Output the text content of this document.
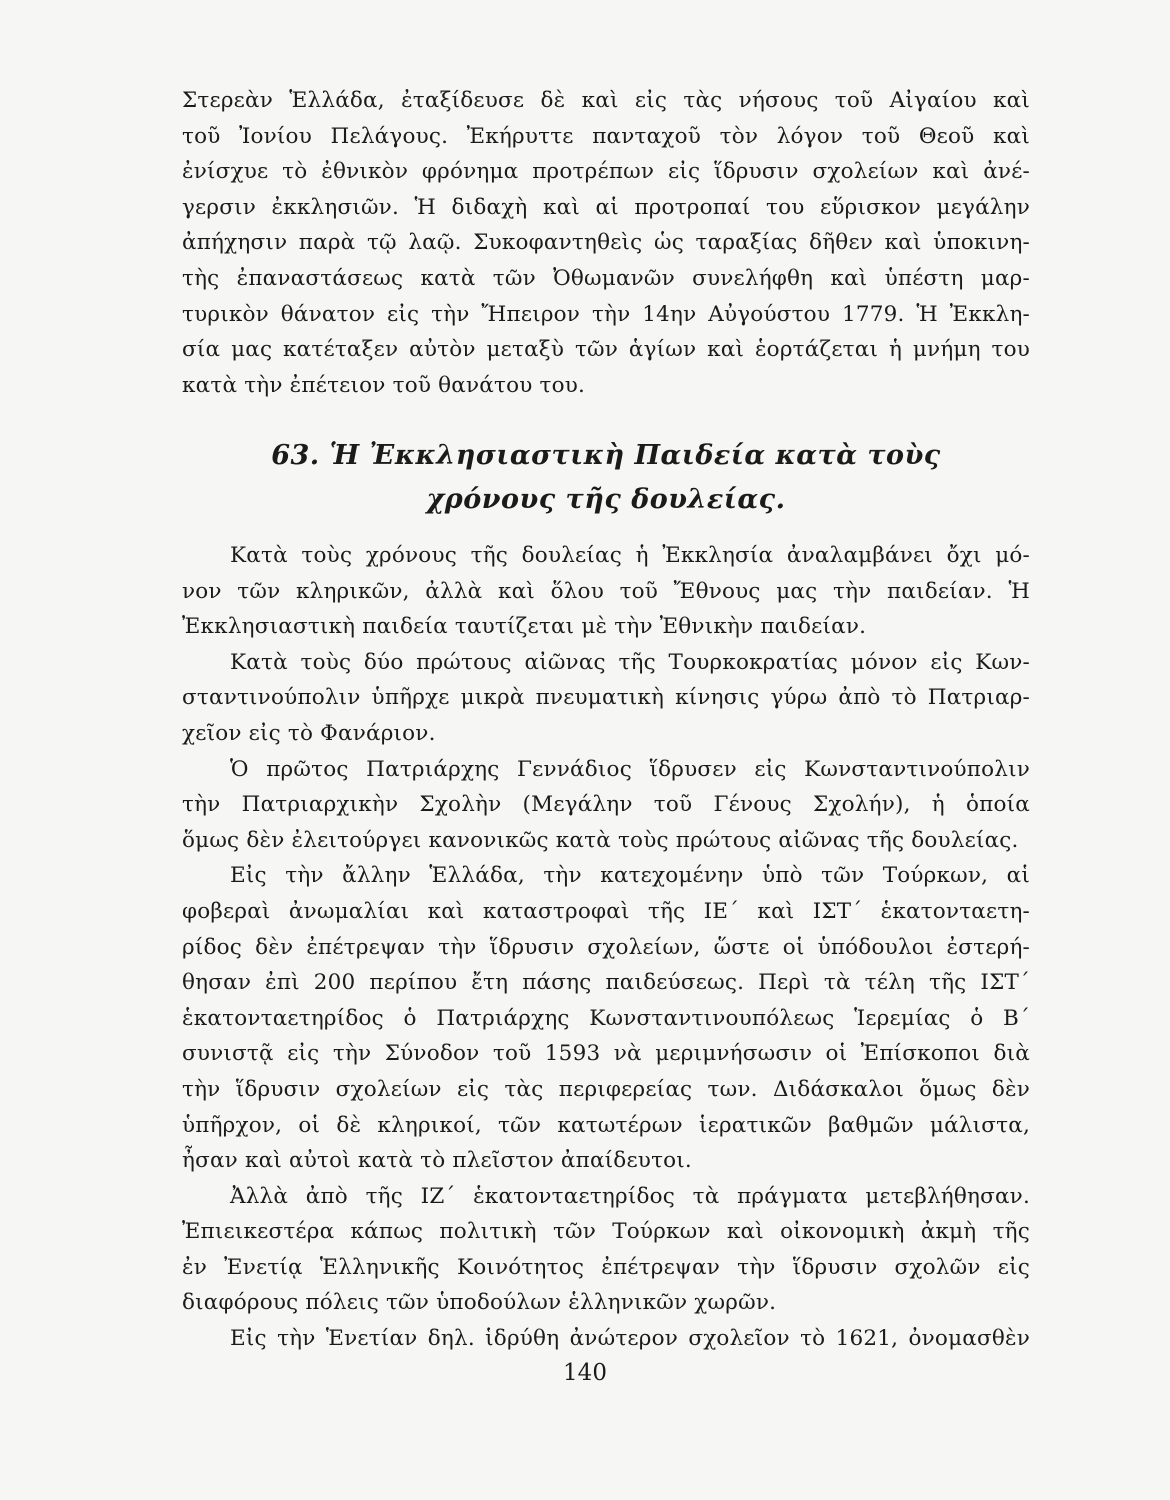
Στερεὰν Ἑλλάδα, ἐταξίδευσε δὲ καὶ εἰς τὰς νήσους τοῦ Αἰγαίου καὶ
τοῦ Ἰονίου Πελάγους. Ἐκήρυττε πανταχοῦ τὸν λόγον τοῦ Θεοῦ καὶ
ἐνίσχυε τὸ ἐθνικὸν φρόνημα προτρέπων εἰς ἵδρυσιν σχολείων καὶ ἀνέ-
γερσιν ἐκκλησιῶν. Ἡ διδαχὴ καὶ αἱ προτροπαί του εὕρισκον μεγάλην
ἀπήχησιν παρὰ τῷ λαῷ. Συκοφαντηθεὶς ὡς ταραξίας δῆθεν καὶ ὑποκινη-
τὴς ἐπαναστάσεως κατὰ τῶν Ὀθωμανῶν συνελήφθη καὶ ὑπέστη μαρ-
τυρικὸν θάνατον εἰς τὴν Ἤπειρον τὴν 14ην Αὐγούστου 1779. Ἡ Ἐκκλη-
σία μας κατέταξεν αὐτὸν μεταξὺ τῶν ἁγίων καὶ ἑορτάζεται ἡ μνήμη του
κατὰ τὴν ἐπέτειον τοῦ θανάτου του.
63. Ἡ Ἐκκλησιαστικὴ Παιδεία κατὰ τοὺς
χρόνους τῆς δουλείας.
Κατὰ τοὺς χρόνους τῆς δουλείας ἡ Ἐκκλησία ἀναλαμβάνει ὄχι μό-
νον τῶν κληρικῶν, ἀλλὰ καὶ ὅλου τοῦ Ἔθνους μας τὴν παιδείαν. Ἡ
Ἐκκλησιαστικὴ παιδεία ταυτίζεται μὲ τὴν Ἐθνικὴν παιδείαν.
Κατὰ τοὺς δύο πρώτους αἰῶνας τῆς Τουρκοκρατίας μόνον εἰς Κων-
σταντινούπολιν ὑπῆρχε μικρὰ πνευματικὴ κίνησις γύρω ἀπὸ τὸ Πατριαρ-
χεῖον εἰς τὸ Φανάριον.
Ὁ πρῶτος Πατριάρχης Γεννάδιος ἵδρυσεν εἰς Κωνσταντινούπολιν
τὴν Πατριαρχικὴν Σχολὴν (Μεγάλην τοῦ Γένους Σχολήν), ἡ ὁποία
ὅμως δὲν ἐλειτούργει κανονικῶς κατὰ τοὺς πρώτους αἰῶνας τῆς δουλείας.
Εἰς τὴν ἄλλην Ἑλλάδα, τὴν κατεχομένην ὑπὸ τῶν Τούρκων, αἱ
φοβεραὶ ἀνωμαλίαι καὶ καταστροφαὶ τῆς ΙΕ΄ καὶ ΙΣΤ΄ ἑκατονταετη-
ρίδος δὲν ἐπέτρεψαν τὴν ἵδρυσιν σχολείων, ὥστε οἱ ὑπόδουλοι ἐστερή-
θησαν ἐπὶ 200 περίπου ἔτη πάσης παιδεύσεως. Περὶ τὰ τέλη τῆς ΙΣΤ΄
ἑκατονταετηρίδος ὁ Πατριάρχης Κωνσταντινουπόλεως Ἱερεμίας ὁ Β΄
συνιστᾷ εἰς τὴν Σύνοδον τοῦ 1593 νὰ μεριμνήσωσιν οἱ Ἐπίσκοποι διὰ
τὴν ἵδρυσιν σχολείων εἰς τὰς περιφερείας των. Διδάσκαλοι ὅμως δὲν
ὑπῆρχον, οἱ δὲ κληρικοί, τῶν κατωτέρων ἱερατικῶν βαθμῶν μάλιστα,
ἦσαν καὶ αὐτοὶ κατὰ τὸ πλεῖστον ἀπαίδευτοι.
Ἀλλὰ ἀπὸ τῆς ΙΖ΄ ἑκατονταετηρίδος τὰ πράγματα μετεβλήθησαν.
Ἐπιεικεστέρα κάπως πολιτικὴ τῶν Τούρκων καὶ οἰκονομικὴ ἀκμὴ τῆς
ἐν Ἐνετίᾳ Ἑλληνικῆς Κοινότητος ἐπέτρεψαν τὴν ἵδρυσιν σχολῶν εἰς
διαφόρους πόλεις τῶν ὑποδούλων ἑλληνικῶν χωρῶν.
Εἰς τὴν Ἑνετίαν δηλ. ἱδρύθη ἀνώτερον σχολεῖον τὸ 1621, ὀνομασθὲν
140
